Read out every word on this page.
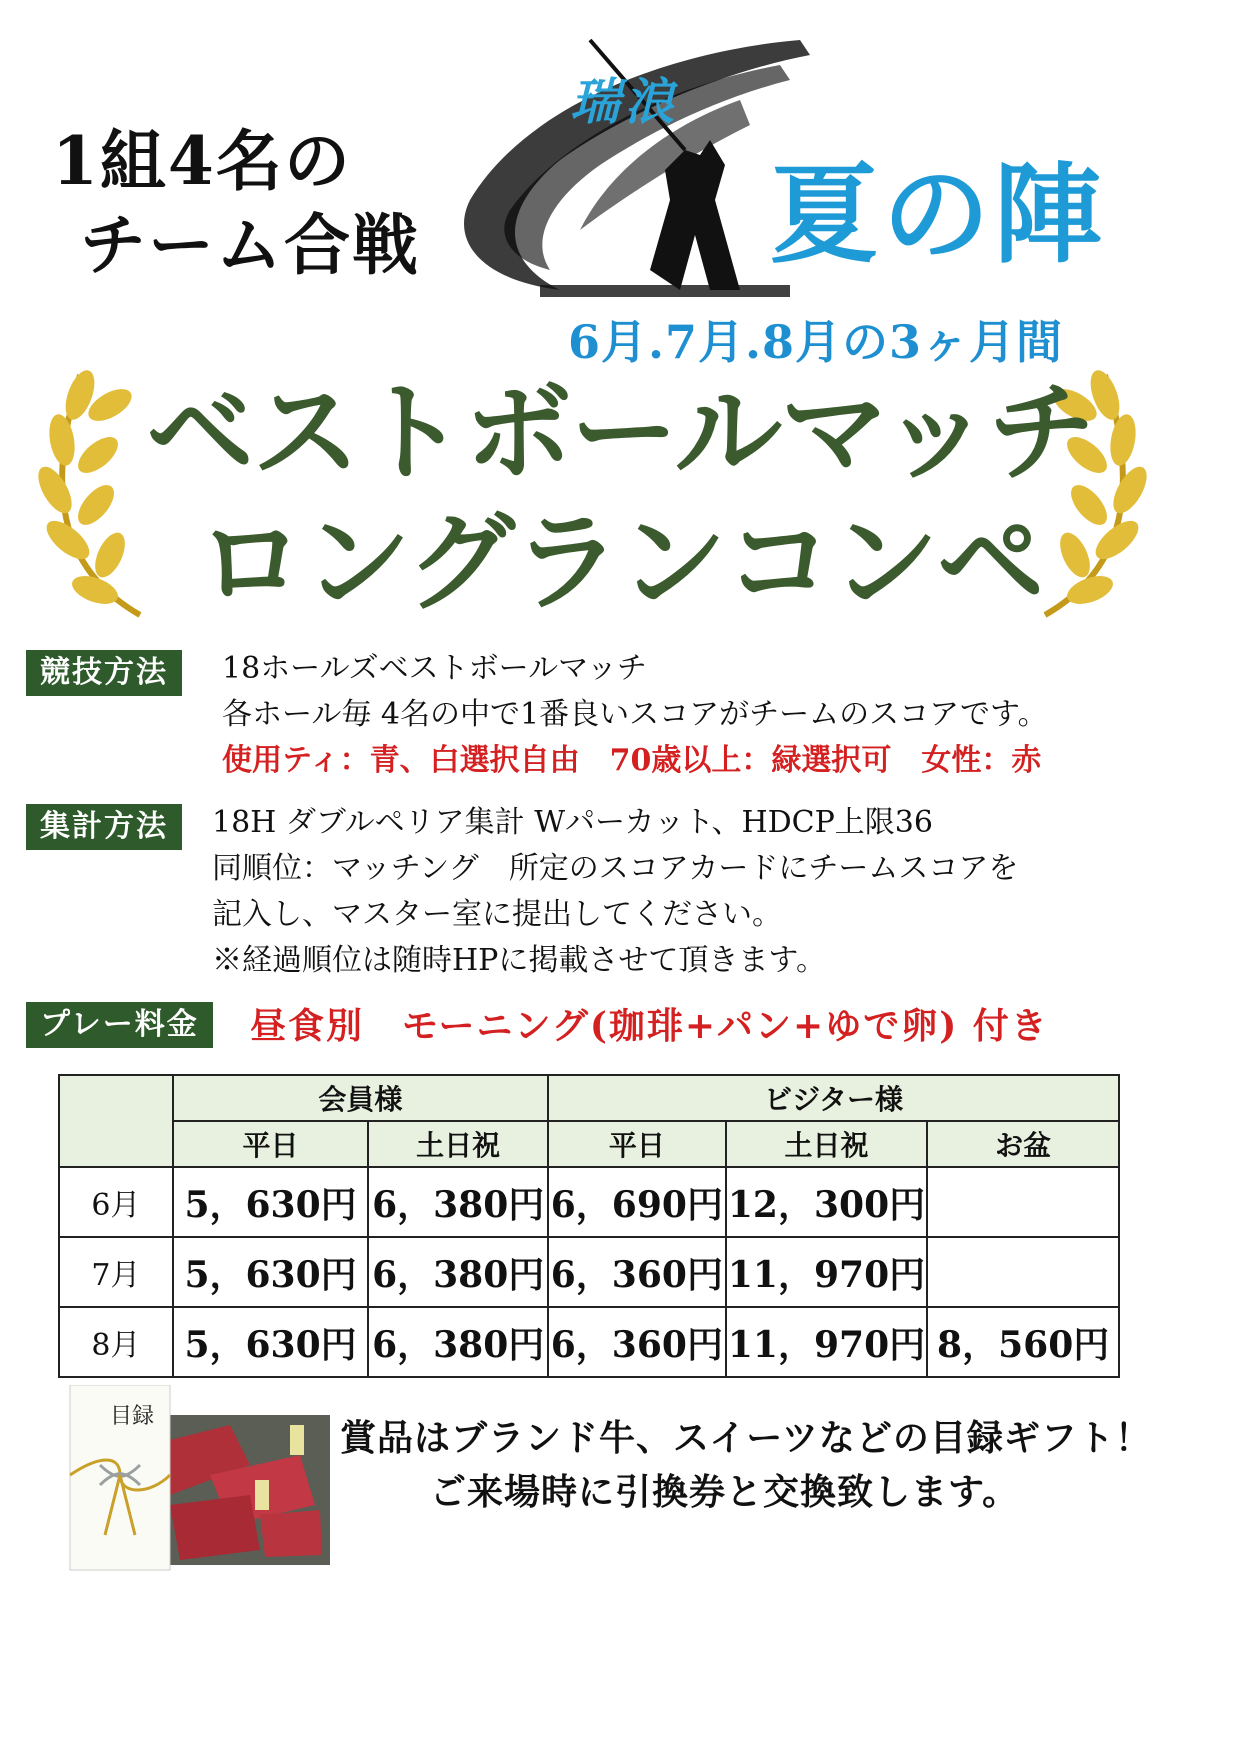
1組4名の
チーム合戦
瑞浪
夏の陣
6月.7月.8月の3ヶ月間
ベストボールマッチ
ロングランコンペ
競技方法	18ホールズベストボールマッチ
各ホール毎 4名の中で1番良いスコアがチームのスコアです。
使用ティ：青、白選択自由　70歳以上：緑選択可　女性：赤
集計方法	18H ダブルペリア集計 Wパーカット、HDCP上限36
同順位：マッチング　所定のスコアカードにチームスコアを
記入し、マスター室に提出してください。
※経過順位は随時HPに掲載させて頂きます。
プレー料金	昼食別　モーニング(珈琲+パン+ゆで卵) 付き
	会員様		ビジター様		
	平日	土日祝	平日	土日祝	お盆
6月	5，630円	6，380円	6，690円	12，300円	
7月	5，630円	6，380円	6，360円	11，970円	
8月	5，630円	6，380円	6，360円	11，970円	8，560円
目録
賞品はブランド牛、スイーツなどの目録ギフト！
ご来場時に引換券と交換致します。
